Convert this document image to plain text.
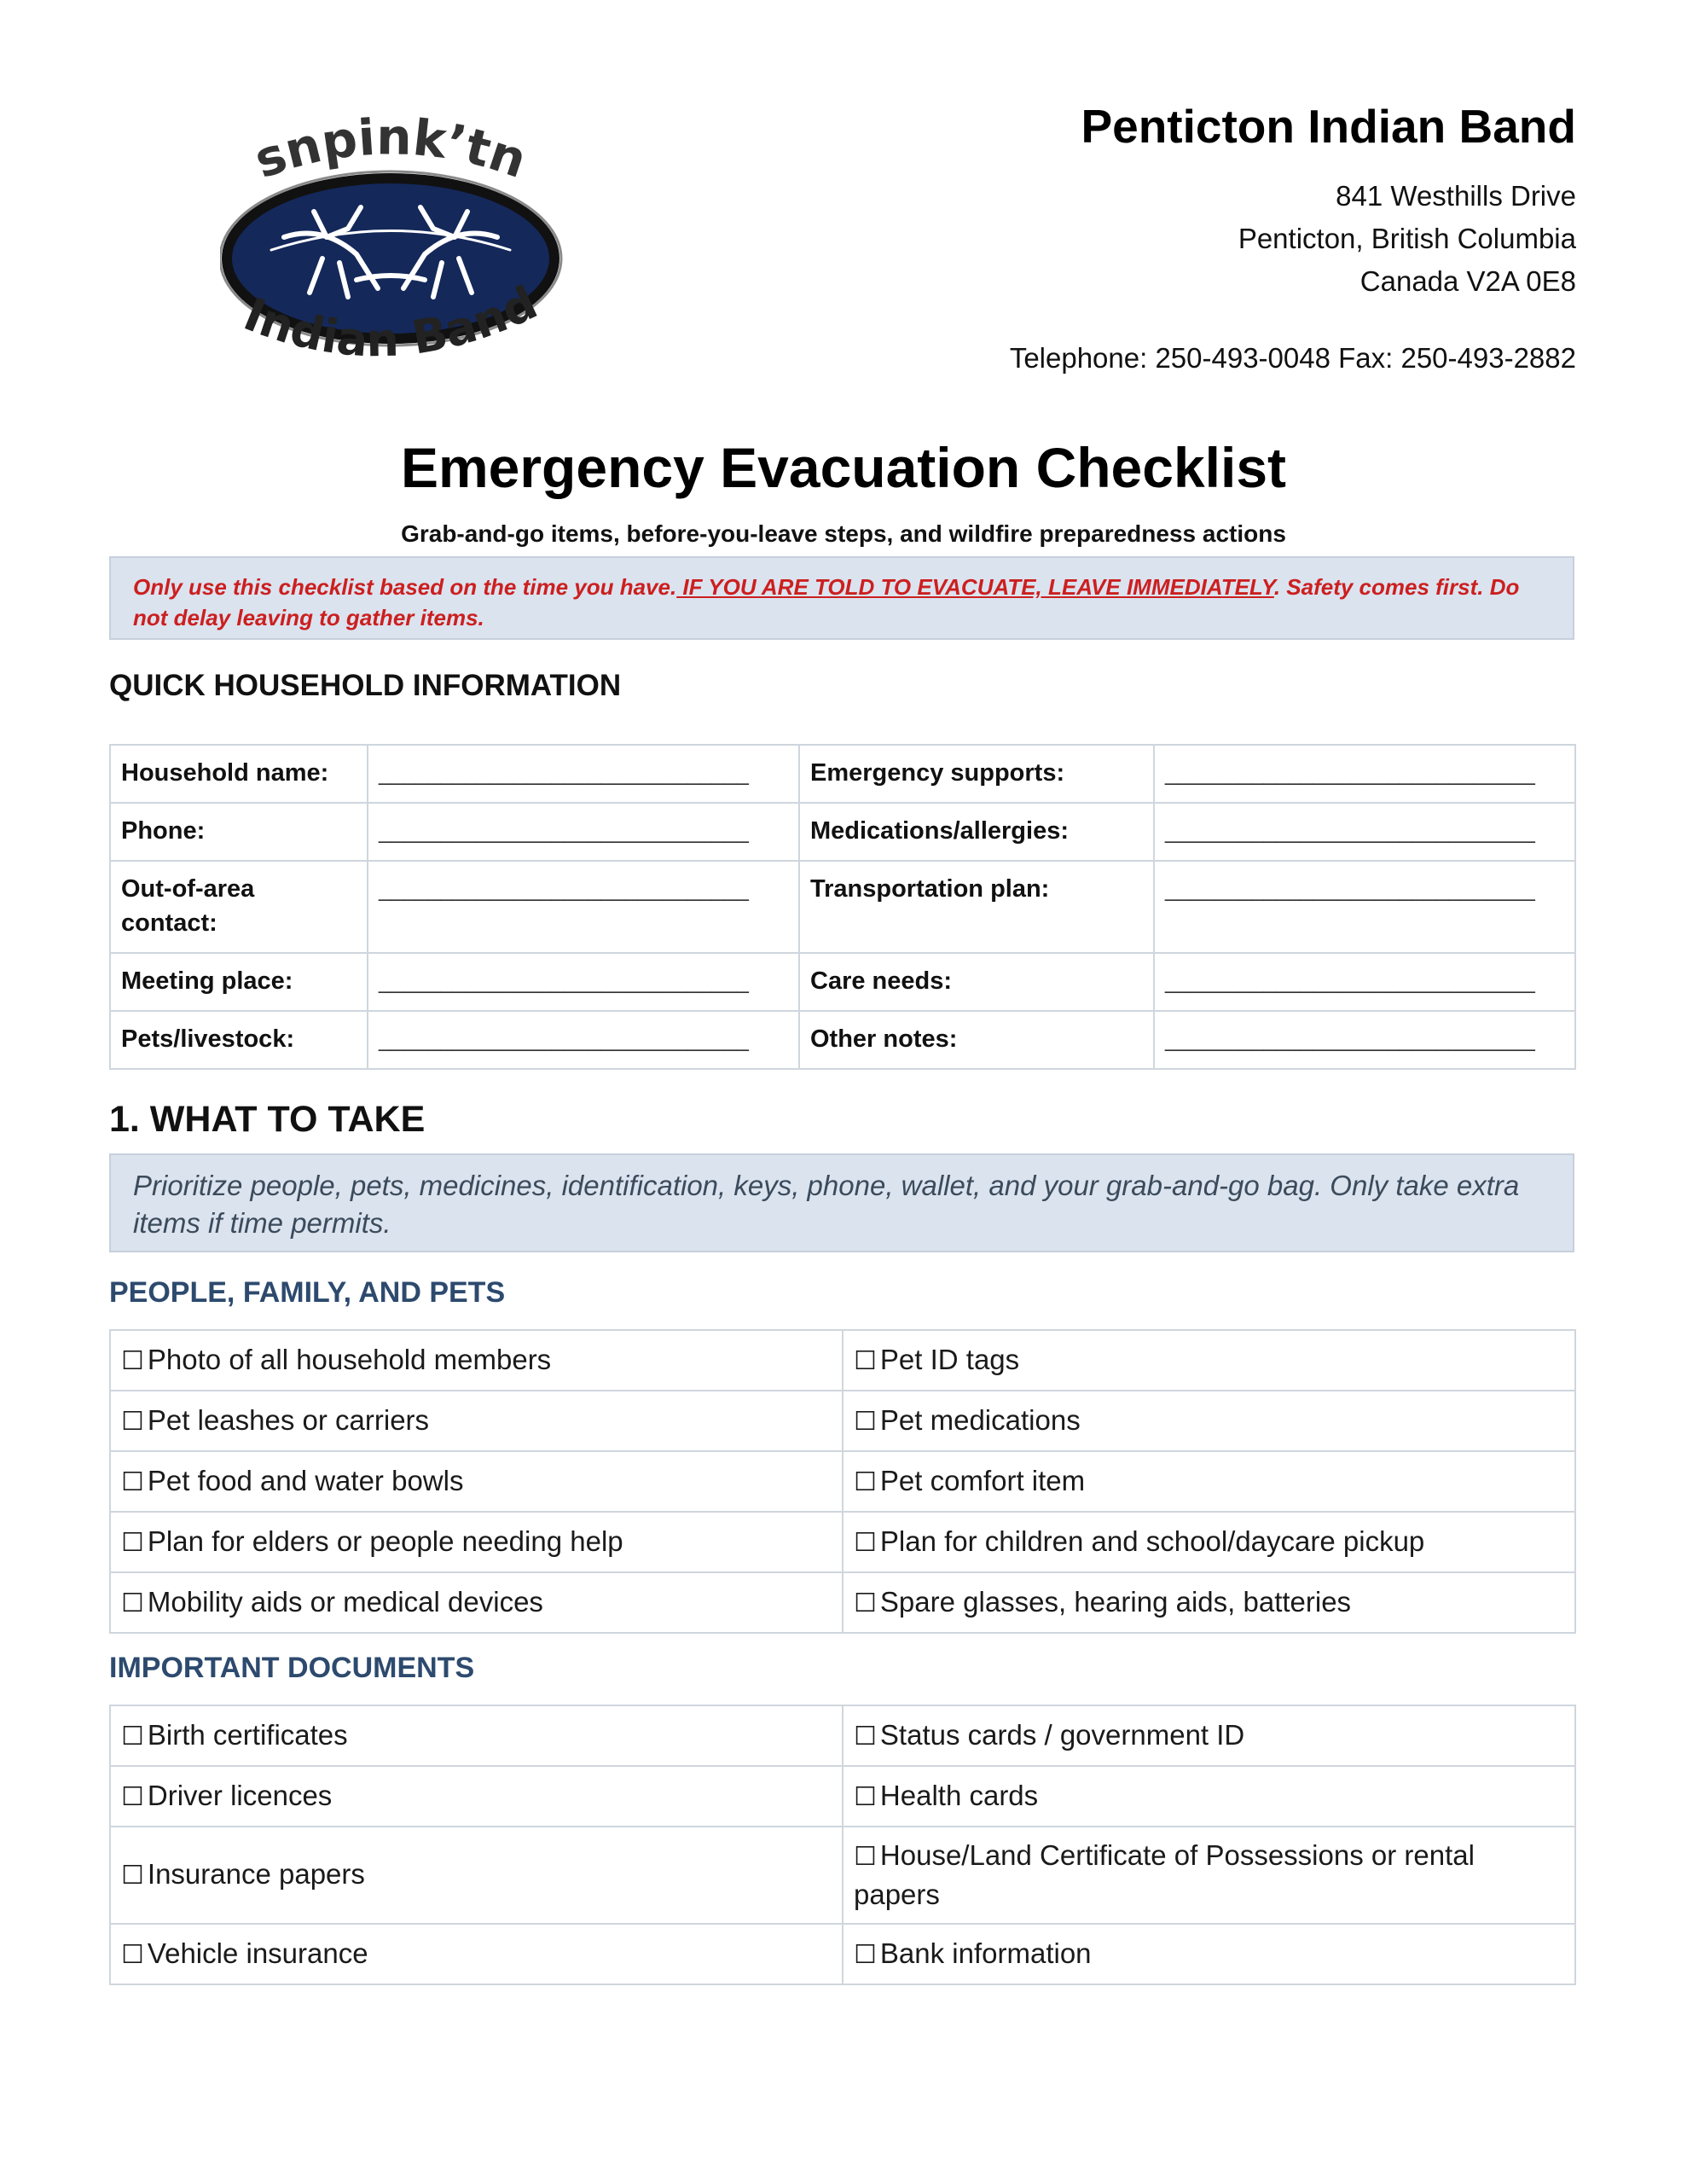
snpink’tn
Indian Band
Penticton Indian Band
841 Westhills Drive
Penticton, British Columbia
Canada V2A 0E8
Telephone: 250-493-0048 Fax: 250-493-2882
Emergency Evacuation Checklist
Grab-and-go items, before-you-leave steps, and wildfire preparedness actions
Only use this checklist based on the time you have. IF YOU ARE TOLD TO EVACUATE, LEAVE IMMEDIATELY. Safety comes first. Do not delay leaving to gather items.
QUICK HOUSEHOLD INFORMATION
Household name:	______________________________	Emergency supports:	______________________________
Phone:	______________________________	Medications/allergies:	______________________________
Out-of-area contact:	______________________________	Transportation plan:	______________________________
Meeting place:	______________________________	Care needs:	______________________________
Pets/livestock:	______________________________	Other notes:	______________________________
1. WHAT TO TAKE
Prioritize people, pets, medicines, identification, keys, phone, wallet, and your grab-and-go bag. Only take extra items if time permits.
PEOPLE, FAMILY, AND PETS
☐ Photo of all household members	☐ Pet ID tags
☐ Pet leashes or carriers	☐ Pet medications
☐ Pet food and water bowls	☐ Pet comfort item
☐ Plan for elders or people needing help	☐ Plan for children and school/daycare pickup
☐ Mobility aids or medical devices	☐ Spare glasses, hearing aids, batteries
IMPORTANT DOCUMENTS
☐ Birth certificates	☐ Status cards / government ID
☐ Driver licences	☐ Health cards
☐ Insurance papers	☐ House/Land Certificate of Possessions or rental papers
☐ Vehicle insurance	☐ Bank information
